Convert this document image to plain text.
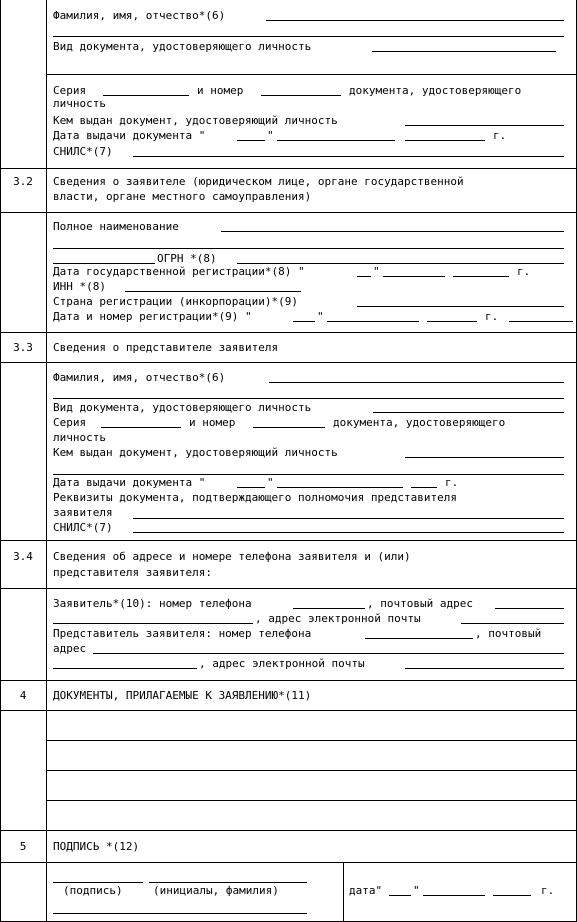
Фамилия, имя, отчество*(6)
Вид документа, удостоверяющего личность
Серия	и номер	документа, удостоверяющего
личность
Кем выдан документ, удостоверяющий личность
Дата выдачи документа "	"	г.
СНИЛС*(7)
3.2	Сведения о заявителе (юридическом лице, органе государственной
власти, органе местного самоуправления)
Полное наименование
ОГРН *(8)
Дата государственной регистрации*(8) "	"	г.
ИНН *(8)
Страна регистрации (инкорпорации)*(9)
Дата и номер регистрации*(9) "	"	г.
3.3	Сведения о представителе заявителя
Фамилия, имя, отчество*(6)
Вид документа, удостоверяющего личность
Серия	и номер	документа, удостоверяющего
личность
Кем выдан документ, удостоверяющий личность
Дата выдачи документа "	"	г.
Реквизиты документа, подтверждающего полномочия представителя
заявителя
СНИЛС*(7)
3.4	Сведения об адресе и номере телефона заявителя и (или)
представителя заявителя:
Заявитель*(10): номер телефона	, почтовый адрес
, адрес электронной почты
Представитель заявителя: номер телефона	, почтовый
адрес
, адрес электронной почты
4	ДОКУМЕНТЫ, ПРИЛАГАЕМЫЕ К ЗАЯВЛЕНИЮ*(11)
5	ПОДПИСЬ *(12)
(подпись)	(инициалы, фамилия)	дата"	"	г.
